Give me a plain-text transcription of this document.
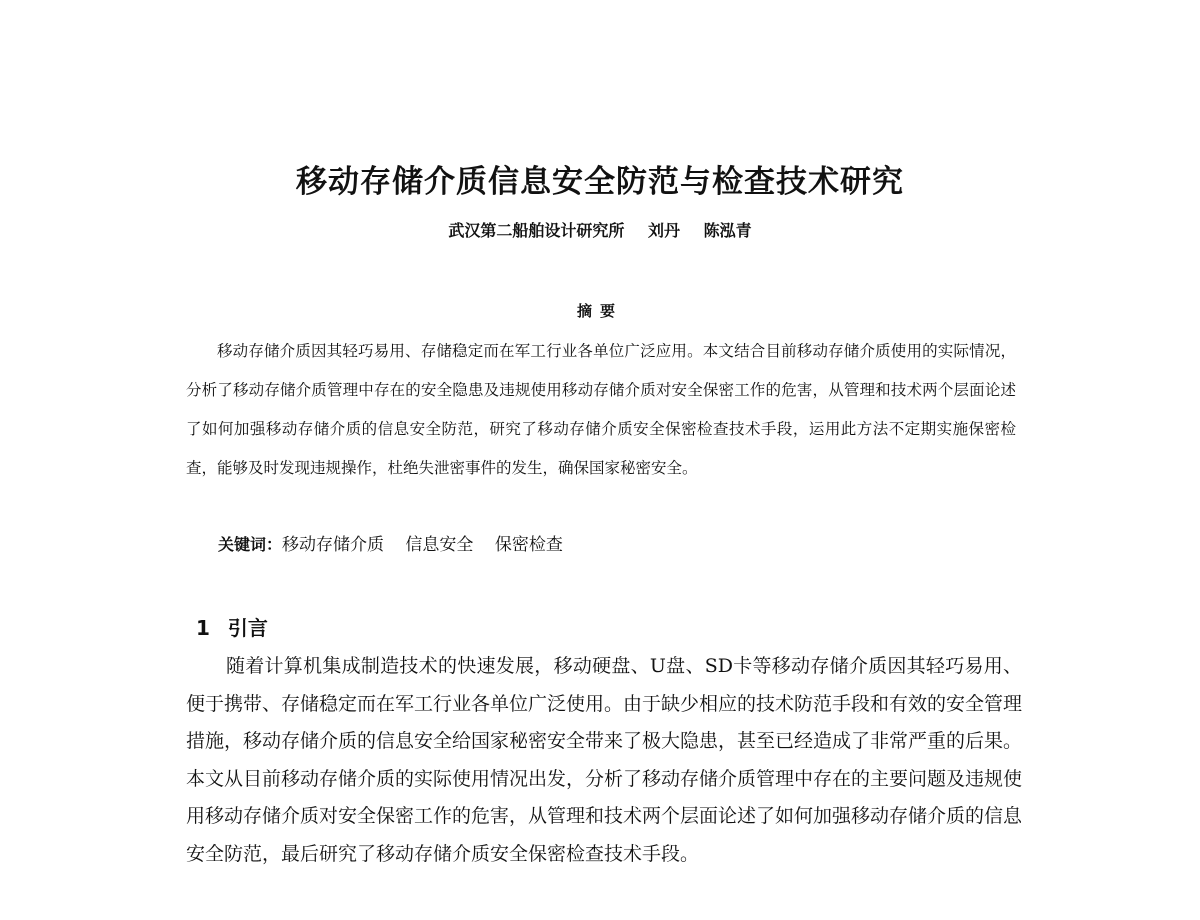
移动存储介质信息安全防范与检查技术研究

武汉第二船舶设计研究所 刘丹 陈泓青

摘要

移动存储介质因其轻巧易用、存储稳定而在军工行业各单位广泛应用。本文结合目前移动存储介质使用的实际情况，分析了移动存储介质管理中存在的安全隐患及违规使用移动存储介质对安全保密工作的危害，从管理和技术两个层面论述了如何加强移动存储介质的信息安全防范，研究了移动存储介质安全保密检查技术手段，运用此方法不定期实施保密检查，能够及时发现违规操作，杜绝失泄密事件的发生，确保国家秘密安全。

关键词：移动存储介质 信息安全 保密检查

1 引言

随着计算机集成制造技术的快速发展，移动硬盘、U盘、SD卡等移动存储介质因其轻巧易用、便于携带、存储稳定而在军工行业各单位广泛使用。由于缺少相应的技术防范手段和有效的安全管理措施，移动存储介质的信息安全给国家秘密安全带来了极大隐患，甚至已经造成了非常严重的后果。本文从目前移动存储介质的实际使用情况出发，分析了移动存储介质管理中存在的主要问题及违规使用移动存储介质对安全保密工作的危害，从管理和技术两个层面论述了如何加强移动存储介质的信息安全防范，最后研究了移动存储介质安全保密检查技术手段。
